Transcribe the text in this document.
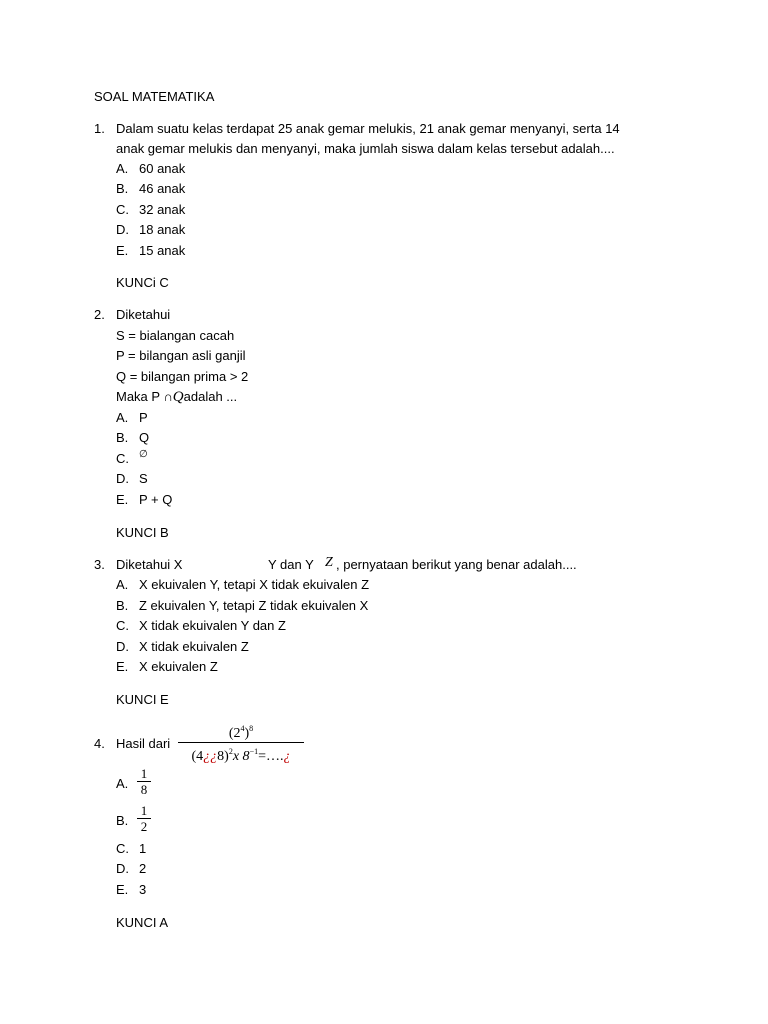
SOAL MATEMATIKA
1. Dalam suatu kelas terdapat 25 anak gemar melukis, 21 anak gemar menyanyi, serta 14
anak gemar melukis dan menyanyi, maka jumlah siswa dalam kelas tersebut adalah....
A. 60 anak
B. 46 anak
C. 32 anak
D. 18 anak
E. 15 anak
KUNCi C
2. Diketahui
S = bialangan cacah
P = bilangan asli ganjil
Q = bilangan prima > 2
Maka P ∩Qadalah ...
A. P
B. Q
C. ∅
D. S
E. P + Q
KUNCI B
3. Diketahui X	Y dan Y Z , pernyataan berikut yang benar adalah....
A. X ekuivalen Y, tetapi X tidak ekuivalen Z
B. Z ekuivalen Y, tetapi Z tidak ekuivalen X
C. X tidak ekuivalen Y dan Z
D. X tidak ekuivalen Z
E. X ekuivalen Z
KUNCI E
4. Hasil dari
$(2^4)^8$
(4¿¿8)$^2$x $8^{-1}=\dots.¿$
A.
1
8
B.
1
2
C. 1
D. 2
E. 3
KUNCI A
